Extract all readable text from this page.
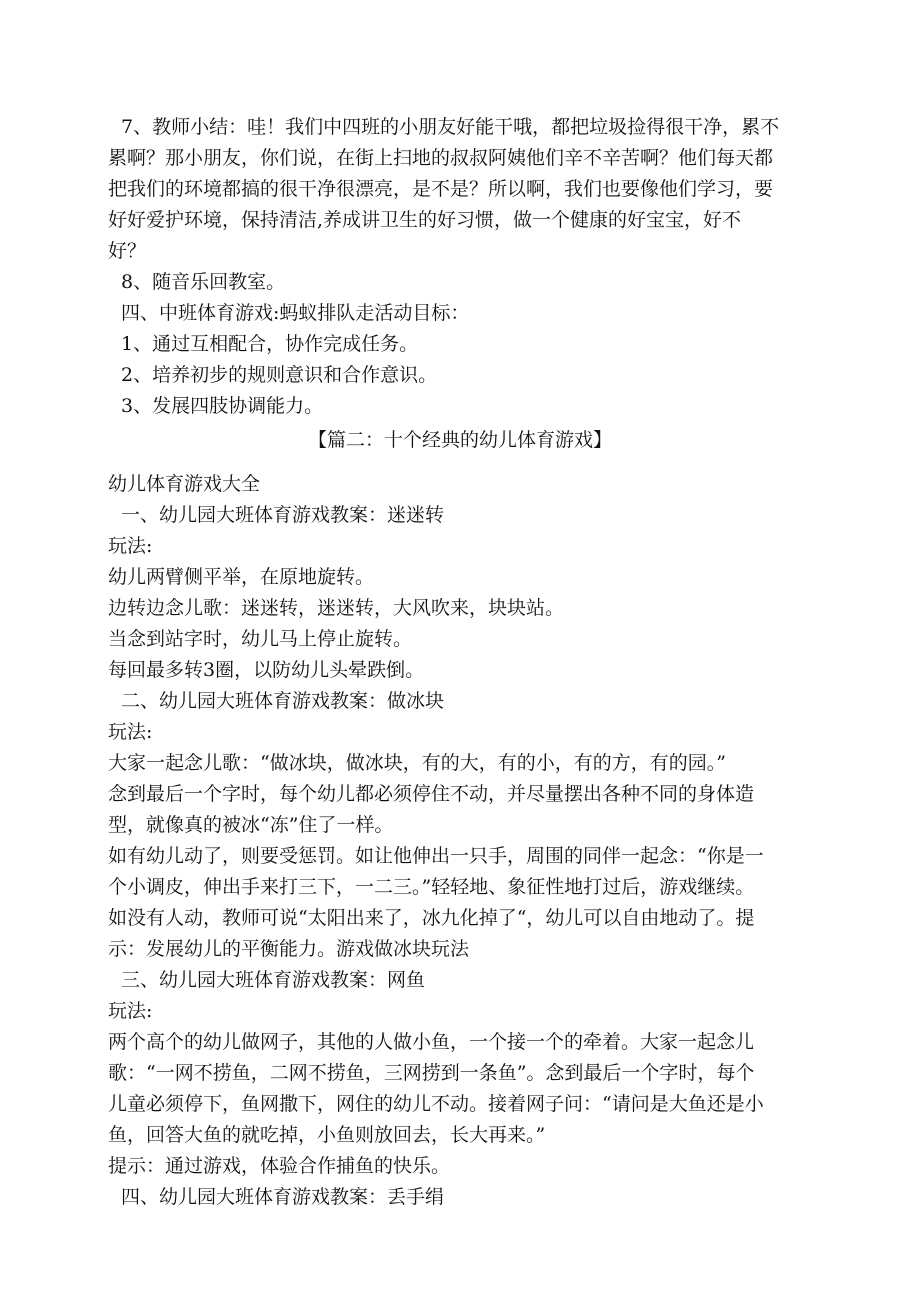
7、教师小结：哇！我们中四班的小朋友好能干哦，都把垃圾捡得很干净，累不
累啊？那小朋友，你们说，在街上扫地的叔叔阿姨他们辛不辛苦啊？他们每天都
把我们的环境都搞的很干净很漂亮，是不是？所以啊，我们也要像他们学习，要
好好爱护环境，保持清洁,养成讲卫生的好习惯，做一个健康的好宝宝，好不
好？
8、随音乐回教室。
四、中班体育游戏:蚂蚁排队走活动目标：
1、通过互相配合，协作完成任务。
2、培养初步的规则意识和合作意识。
3、发展四肢协调能力。
【篇二：十个经典的幼儿体育游戏】
幼儿体育游戏大全
一、幼儿园大班体育游戏教案：迷迷转
玩法:
幼儿两臂侧平举，在原地旋转。
边转边念儿歌：迷迷转，迷迷转，大风吹来，块块站。
当念到站字时，幼儿马上停止旋转。
每回最多转3圈，以防幼儿头晕跌倒。
二、幼儿园大班体育游戏教案：做冰块
玩法:
大家一起念儿歌：“做冰块，做冰块，有的大，有的小，有的方，有的园。”
念到最后一个字时，每个幼儿都必须停住不动，并尽量摆出各种不同的身体造
型，就像真的被冰“冻”住了一样。
如有幼儿动了，则要受惩罚。如让他伸出一只手，周围的同伴一起念：“你是一
个小调皮，伸出手来打三下，一二三。”轻轻地、象征性地打过后，游戏继续。
如没有人动，教师可说“太阳出来了，冰九化掉了“，幼儿可以自由地动了。提
示：发展幼儿的平衡能力。游戏做冰块玩法
三、幼儿园大班体育游戏教案：网鱼
玩法:
两个高个的幼儿做网子，其他的人做小鱼，一个接一个的牵着。大家一起念儿
歌：“一网不捞鱼，二网不捞鱼，三网捞到一条鱼”。念到最后一个字时，每个
儿童必须停下，鱼网撒下，网住的幼儿不动。接着网子问：“请问是大鱼还是小
鱼，回答大鱼的就吃掉，小鱼则放回去，长大再来。”
提示：通过游戏，体验合作捕鱼的快乐。
四、幼儿园大班体育游戏教案：丢手绢
